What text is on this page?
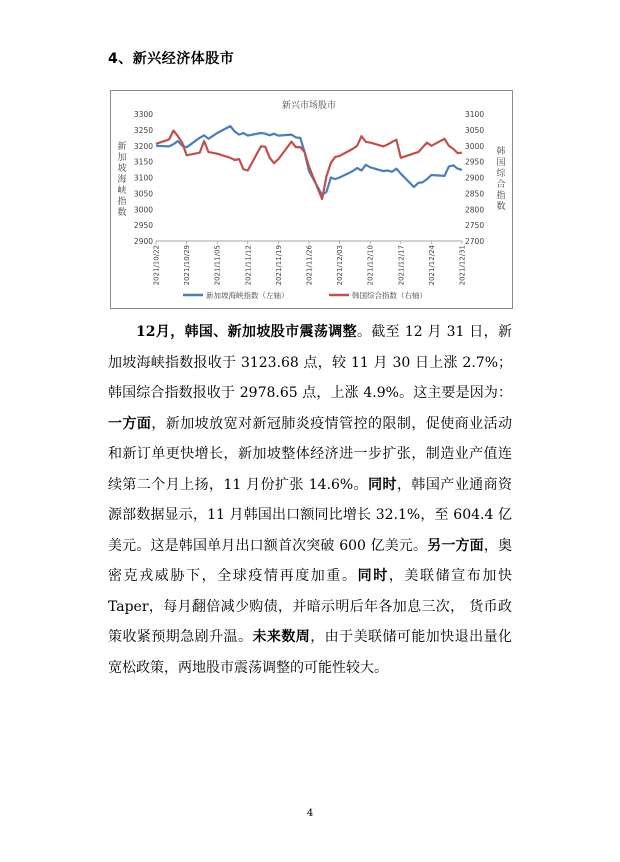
4、新兴经济体股市
新兴市场股市
2900
2950
3000
3050
3100
3150
3200
3250
3300
2700
2750
2800
2850
2900
2950
3000
3050
3100
新
加
坡
海
峡
指
数
韩
国
综
合
指
数
2021/10/22	2021/10/29	2021/11/05	2021/11/12	2021/11/19	2021/11/26	2021/12/03	2021/12/10	2021/12/17	2021/12/24	2021/12/31
新加坡海峡指数（左轴）	韩国综合指数（右轴）
12月，韩国、新加坡股市震荡调整。截至 12 月 31 日，新加坡海峡指数报收于 3123.68 点，较 11 月 30 日上涨 2.7%；韩国综合指数报收于 2978.65 点，上涨 4.9%。这主要是因为：一方面，新加坡放宽对新冠肺炎疫情管控的限制，促使商业活动和新订单更快增长，新加坡整体经济进一步扩张，制造业产值连续第二个月上扬，11 月份扩张 14.6%。同时，韩国产业通商资源部数据显示，11 月韩国出口额同比增长 32.1%，至 604.4 亿美元。这是韩国单月出口额首次突破 600 亿美元。另一方面，奥密克戎威胁下，全球疫情再度加重。同时，美联储宣布加快Taper，每月翻倍减少购债，并暗示明后年各加息三次， 货币政策收紧预期急剧升温。未来数周，由于美联储可能加快退出量化宽松政策，两地股市震荡调整的可能性较大。
4
